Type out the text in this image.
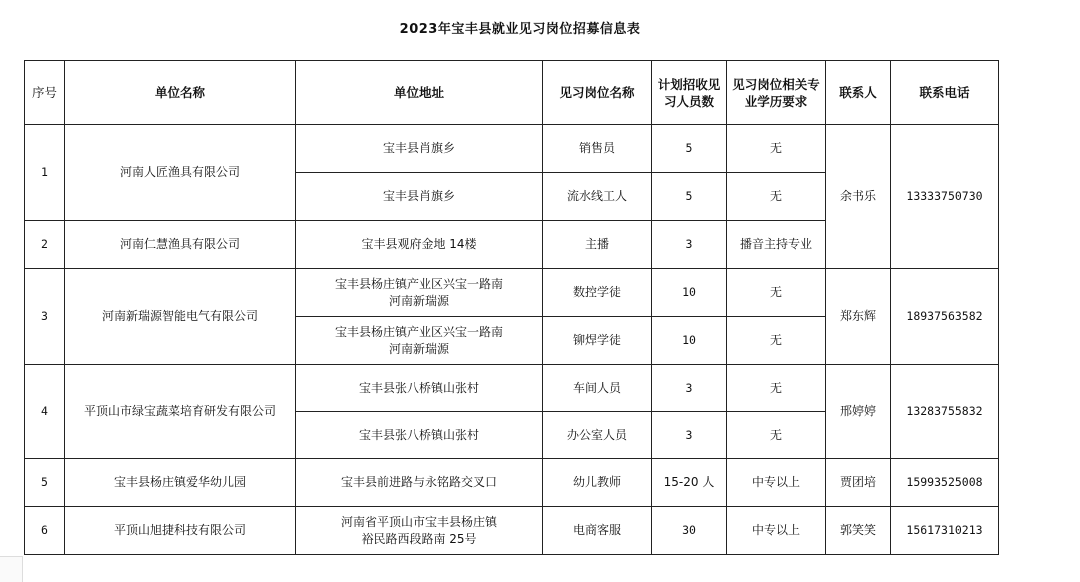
2023年宝丰县就业见习岗位招募信息表
序号	单位名称	单位地址	见习岗位名称	计划招收见习人员数	见习岗位相关专业学历要求	联系人	联系电话
1	河南人匠渔具有限公司	宝丰县肖旗乡	销售员	5	无	余书乐	13333750730
		宝丰县肖旗乡	流水线工人	5	无		
2	河南仁慧渔具有限公司	宝丰县观府金地 14楼	主播	3	播音主持专业		
3	河南新瑞源智能电气有限公司	宝丰县杨庄镇产业区兴宝一路南
河南新瑞源	数控学徒	10	无	郑东辉	18937563582
		宝丰县杨庄镇产业区兴宝一路南
河南新瑞源	铆焊学徒	10	无		
4	平顶山市绿宝蔬菜培育研发有限公司	宝丰县张八桥镇山张村	车间人员	3	无	邢婷婷	13283755832
		宝丰县张八桥镇山张村	办公室人员	3	无		
5	宝丰县杨庄镇爱华幼儿园	宝丰县前进路与永铭路交叉口	幼儿教师	15-20 人	中专以上	贾团培	15993525008
6	平顶山旭捷科技有限公司	河南省平顶山市宝丰县杨庄镇
裕民路西段路南 25号	电商客服	30	中专以上	郭笑笑	15617310213
